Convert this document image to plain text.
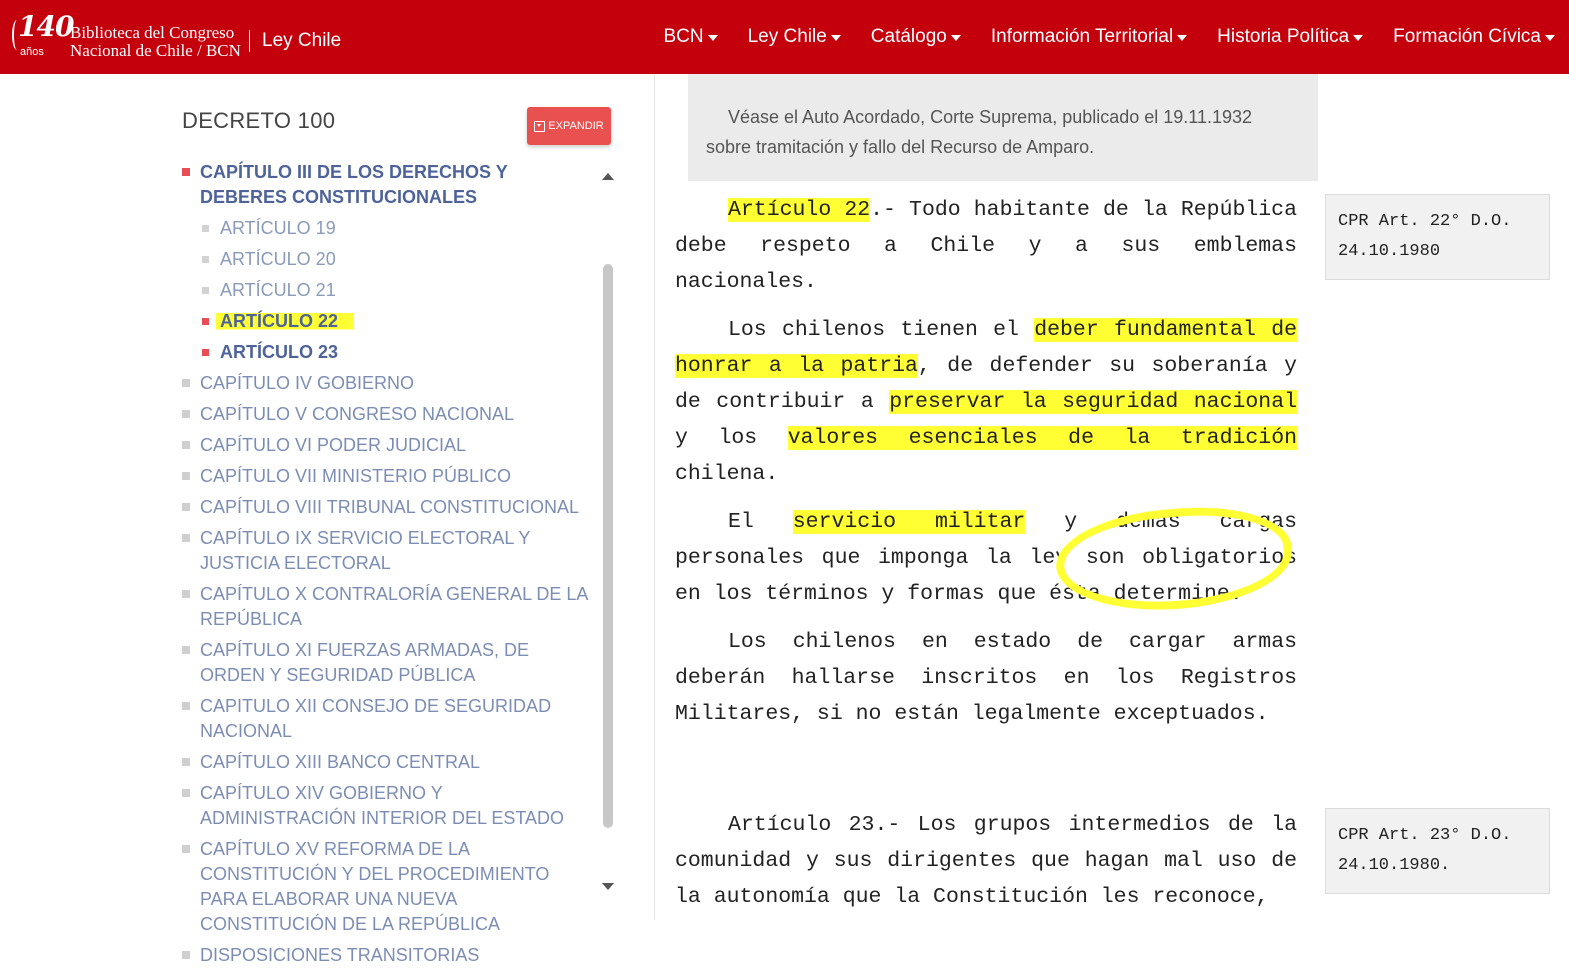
140
años
Biblioteca del Congreso
Nacional de Chile / BCN Ley Chile	BCN Ley Chile Catálogo Información Territorial Historia Política Formación Cívica
DECRETO 100	EXPANDIR
CAPÍTULO III DE LOS DERECHOS Y DEBERES CONSTITUCIONALES
ARTÍCULO 19
ARTÍCULO 20
ARTÍCULO 21
ARTÍCULO 22
ARTÍCULO 23
CAPÍTULO IV GOBIERNO
CAPÍTULO V CONGRESO NACIONAL
CAPÍTULO VI PODER JUDICIAL
CAPÍTULO VII MINISTERIO PÚBLICO
CAPÍTULO VIII TRIBUNAL CONSTITUCIONAL
CAPÍTULO IX SERVICIO ELECTORAL Y JUSTICIA ELECTORAL
CAPÍTULO X CONTRALORÍA GENERAL DE LA REPÚBLICA
CAPÍTULO XI FUERZAS ARMADAS, DE ORDEN Y SEGURIDAD PÚBLICA
CAPITULO XII CONSEJO DE SEGURIDAD NACIONAL
CAPÍTULO XIII BANCO CENTRAL
CAPÍTULO XIV GOBIERNO Y ADMINISTRACIÓN INTERIOR DEL ESTADO
CAPÍTULO XV REFORMA DE LA CONSTITUCIÓN Y DEL PROCEDIMIENTO PARA ELABORAR UNA NUEVA CONSTITUCIÓN DE LA REPÚBLICA
DISPOSICIONES TRANSITORIAS
Véase el Auto Acordado, Corte Suprema, publicado el 19.11.1932 sobre tramitación y fallo del Recurso de Amparo.

Artículo 22.- Todo habitante de la República debe respeto a Chile y a sus emblemas nacionales.

Los chilenos tienen el deber fundamental de honrar a la patria, de defender su soberanía y de contribuir a preservar la seguridad nacional y los valores esenciales de la tradición chilena.

El servicio militar y demás cargas personales que imponga la ley son obligatorios en los términos y formas que ésta determine.

Los chilenos en estado de cargar armas deberán hallarse inscritos en los Registros Militares, si no están legalmente exceptuados.

CPR Art. 22° D.O. 24.10.1980

Artículo 23.- Los grupos intermedios de la comunidad y sus dirigentes que hagan mal uso de la autonomía que la Constitución les reconoce,

CPR Art. 23° D.O. 24.10.1980.
